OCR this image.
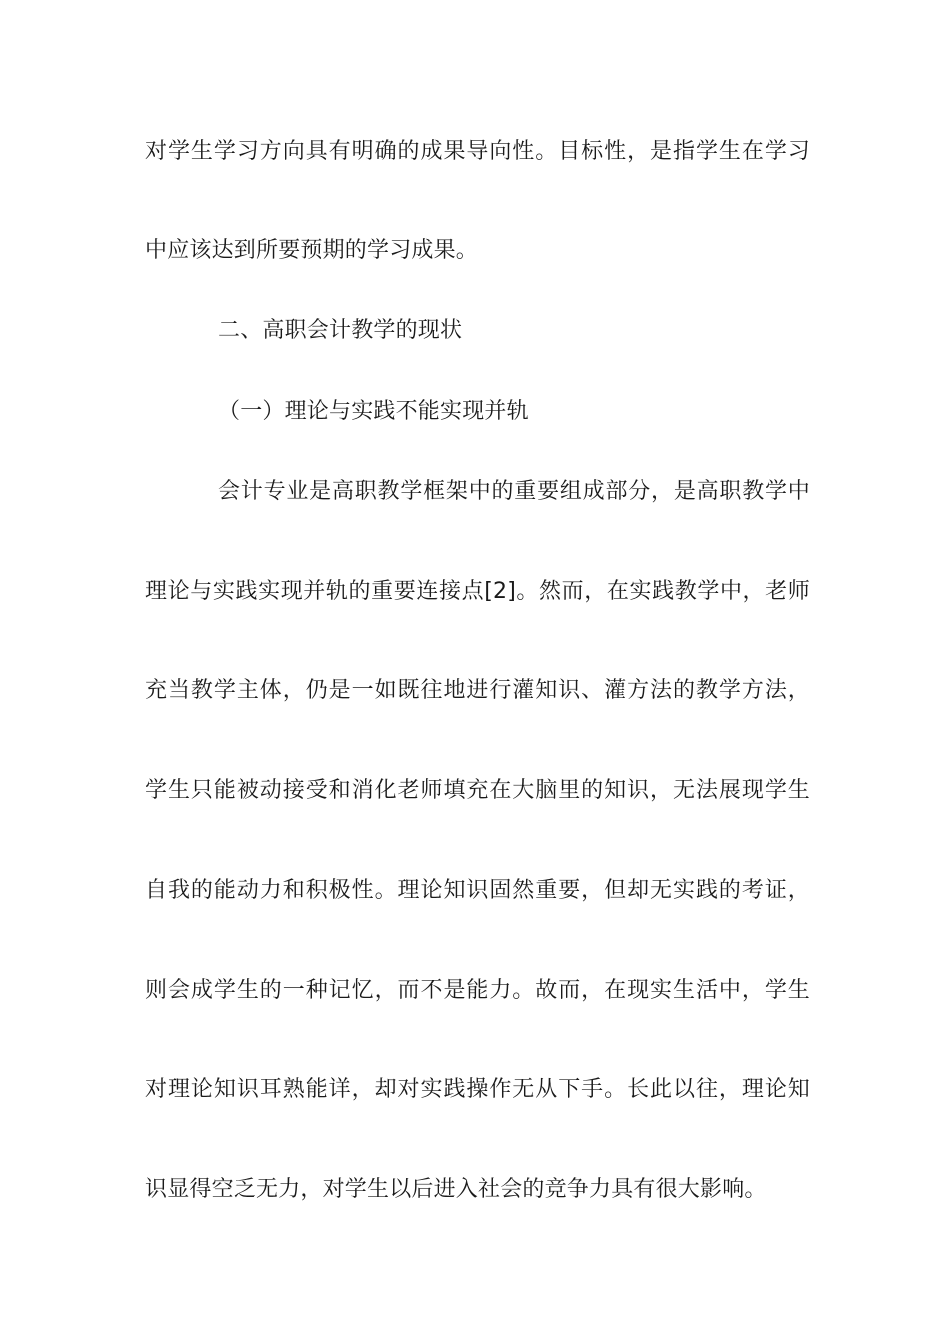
对学生学习方向具有明确的成果导向性。目标性，是指学生在学习
中应该达到所要预期的学习成果。
二、高职会计教学的现状
（一）理论与实践不能实现并轨
会计专业是高职教学框架中的重要组成部分，是高职教学中
理论与实践实现并轨的重要连接点[2]。然而，在实践教学中，老师
充当教学主体，仍是一如既往地进行灌知识、灌方法的教学方法，
学生只能被动接受和消化老师填充在大脑里的知识，无法展现学生
自我的能动力和积极性。理论知识固然重要，但却无实践的考证，
则会成学生的一种记忆，而不是能力。故而，在现实生活中，学生
对理论知识耳熟能详，却对实践操作无从下手。长此以往，理论知
识显得空乏无力，对学生以后进入社会的竞争力具有很大影响。
